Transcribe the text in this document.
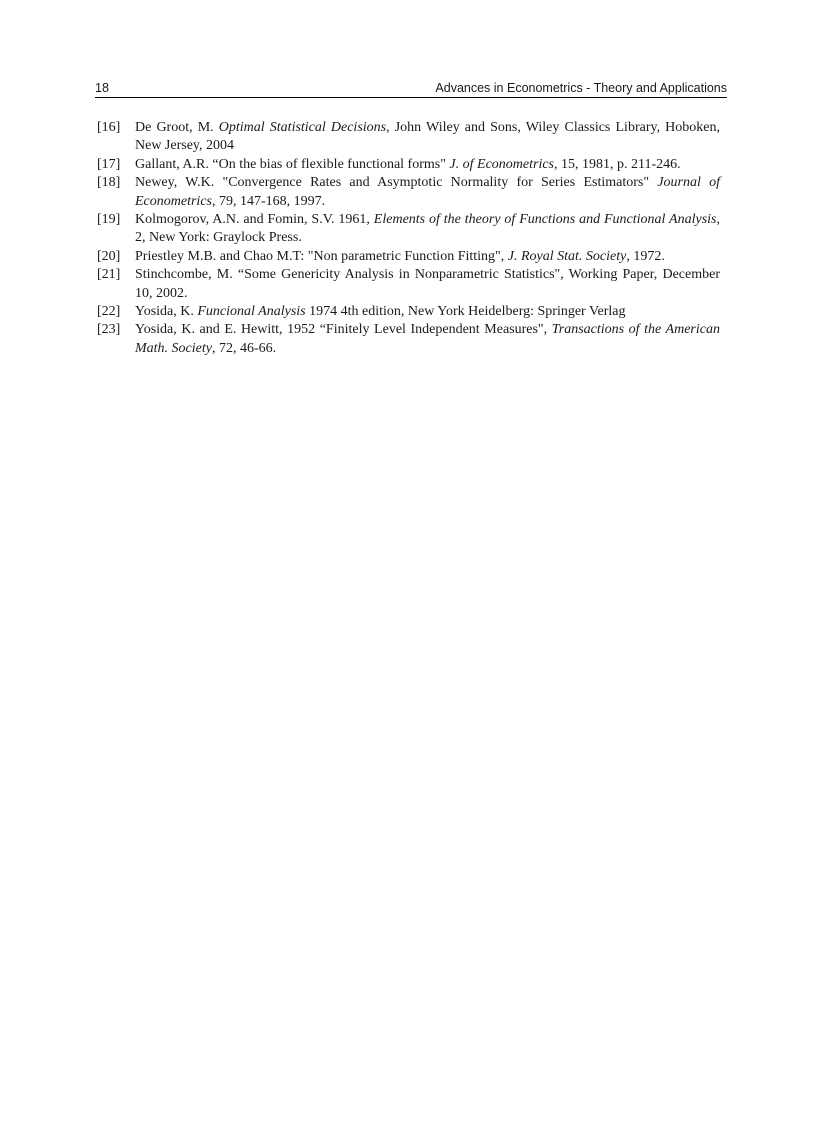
18	Advances in Econometrics - Theory and Applications
[16] De Groot, M. Optimal Statistical Decisions, John Wiley and Sons, Wiley Classics Library, Hoboken, New Jersey, 2004
[17] Gallant, A.R. “On the bias of flexible functional forms" J. of Econometrics, 15, 1981, p. 211-246.
[18] Newey, W.K. "Convergence Rates and Asymptotic Normality for Series Estimators" Journal of Econometrics, 79, 147-168, 1997.
[19] Kolmogorov, A.N. and Fomin, S.V. 1961, Elements of the theory of Functions and Functional Analysis, 2, New York: Graylock Press.
[20] Priestley M.B. and Chao M.T: "Non parametric Function Fitting", J. Royal Stat. Society, 1972.
[21] Stinchcombe, M. “Some Genericity Analysis in Nonparametric Statistics", Working Paper, December 10, 2002.
[22] Yosida, K. Funcional Analysis 1974 4th edition, New York Heidelberg: Springer Verlag
[23] Yosida, K. and E. Hewitt, 1952 “Finitely Level Independent Measures", Transactions of the American Math. Society, 72, 46-66.
